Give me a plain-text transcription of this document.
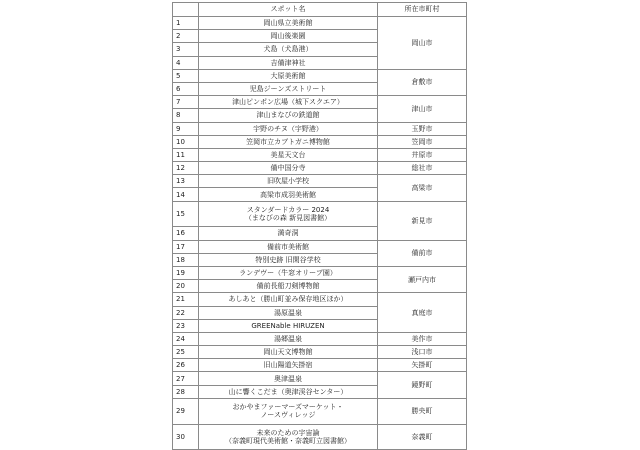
	スポット名	所在市町村
1	岡山県立美術館	岡山市
2	岡山後楽園	

3	犬島（犬島港）	

4	吉備津神社	

5	大原美術館	倉敷市
6	児島ジーンズストリート	

7	津山ピンポン広場（城下スクエア）	津山市
8	津山まなびの鉄道館	

9	宇野のチヌ（宇野港）	玉野市
10	笠岡市立カブトガニ博物館	笠岡市
11	美星天文台	井原市
12	備中国分寺	総社市
13	旧吹屋小学校	高梁市
14	高梁市成羽美術館	

15	スタンダードカラー 2024
（まなびの森 新見図書館）	新見市
16	満奇洞	

17	備前市美術館	備前市
18	特別史跡 旧閑谷学校	

19	ランデヴー（牛窓オリーブ園）	瀬戸内市
20	備前長船刀剣博物館	

21	あしあと（勝山町並み保存地区ほか）	真庭市
22	湯原温泉	

23	GREENable HIRUZEN	

24	湯郷温泉	美作市
25	岡山天文博物館	浅口市
26	旧山陽道矢掛宿	矢掛町
27	奥津温泉	鏡野町
28	山に響くこだま（奥津渓谷センター）	

29	おかやまファーマーズマーケット・
ノースヴィレッジ	勝央町
30	未来のための宇宙論
（奈義町現代美術館・奈義町立図書館）	奈義町
